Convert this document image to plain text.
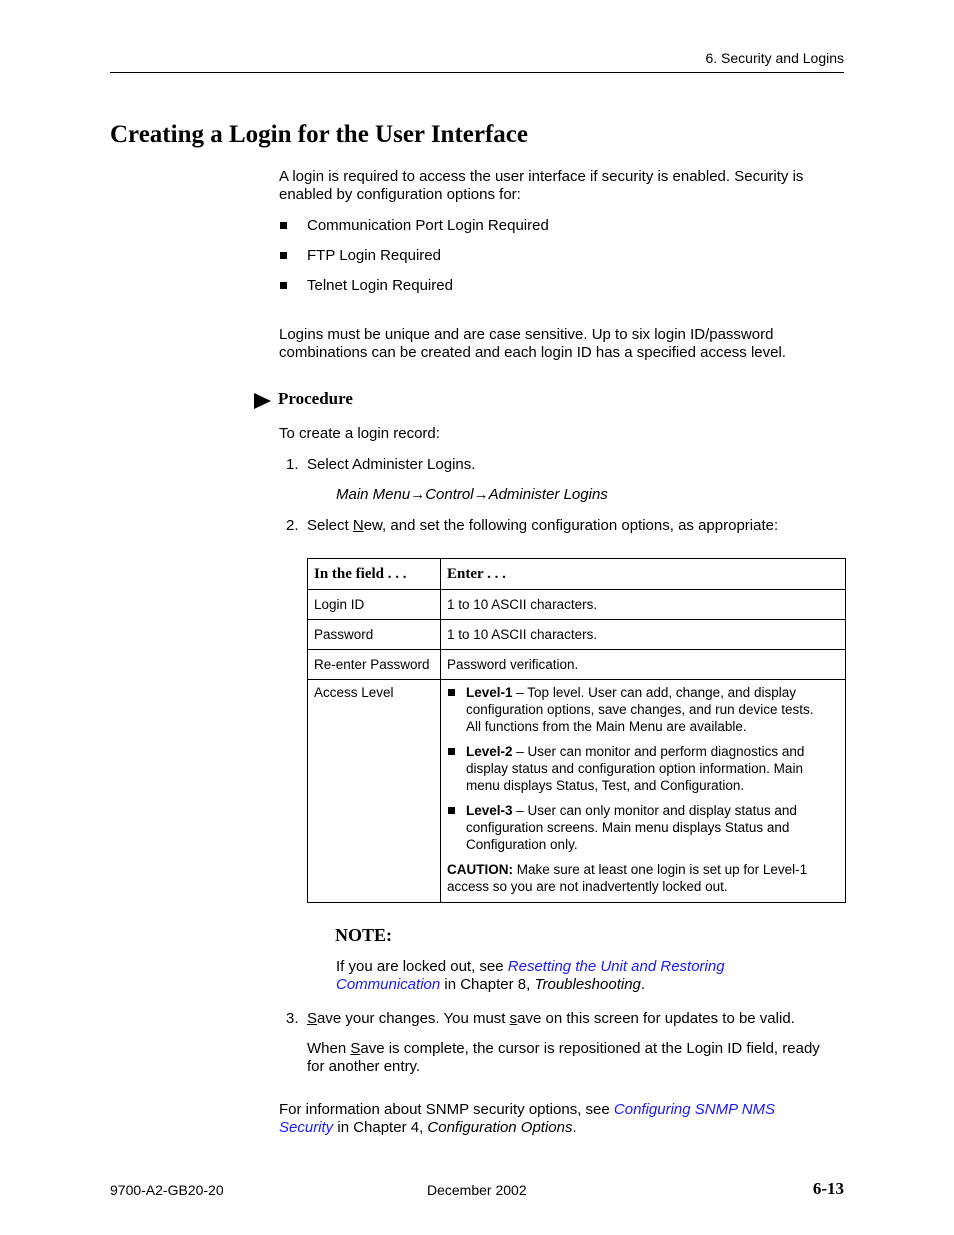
6. Security and Logins
Creating a Login for the User Interface
A login is required to access the user interface if security is enabled. Security is
enabled by configuration options for:
Communication Port Login Required
FTP Login Required
Telnet Login Required
Logins must be unique and are case sensitive. Up to six login ID/password
combinations can be created and each login ID has a specified access level.
Procedure
To create a login record:
1. Select Administer Logins.
Main Menu→Control→Administer Logins
2. Select New, and set the following configuration options, as appropriate:
In the field . . .	Enter . . .
Login ID	1 to 10 ASCII characters.
Password	1 to 10 ASCII characters.
Re-enter Password	Password verification.
Access Level	Level-1 – Top level. User can add, change, and display configuration options, save changes, and run device tests. All functions from the Main Menu are available.
Level-2 – User can monitor and perform diagnostics and display status and configuration option information. Main menu displays Status, Test, and Configuration.
Level-3 – User can only monitor and display status and configuration screens. Main menu displays Status and Configuration only.
CAUTION: Make sure at least one login is set up for Level-1 access so you are not inadvertently locked out.
NOTE:
If you are locked out, see Resetting the Unit and Restoring
Communication in Chapter 8, Troubleshooting.
3. Save your changes. You must save on this screen for updates to be valid.
When Save is complete, the cursor is repositioned at the Login ID field, ready
for another entry.
For information about SNMP security options, see Configuring SNMP NMS
Security in Chapter 4, Configuration Options.
9700-A2-GB20-20	December 2002	6-13
